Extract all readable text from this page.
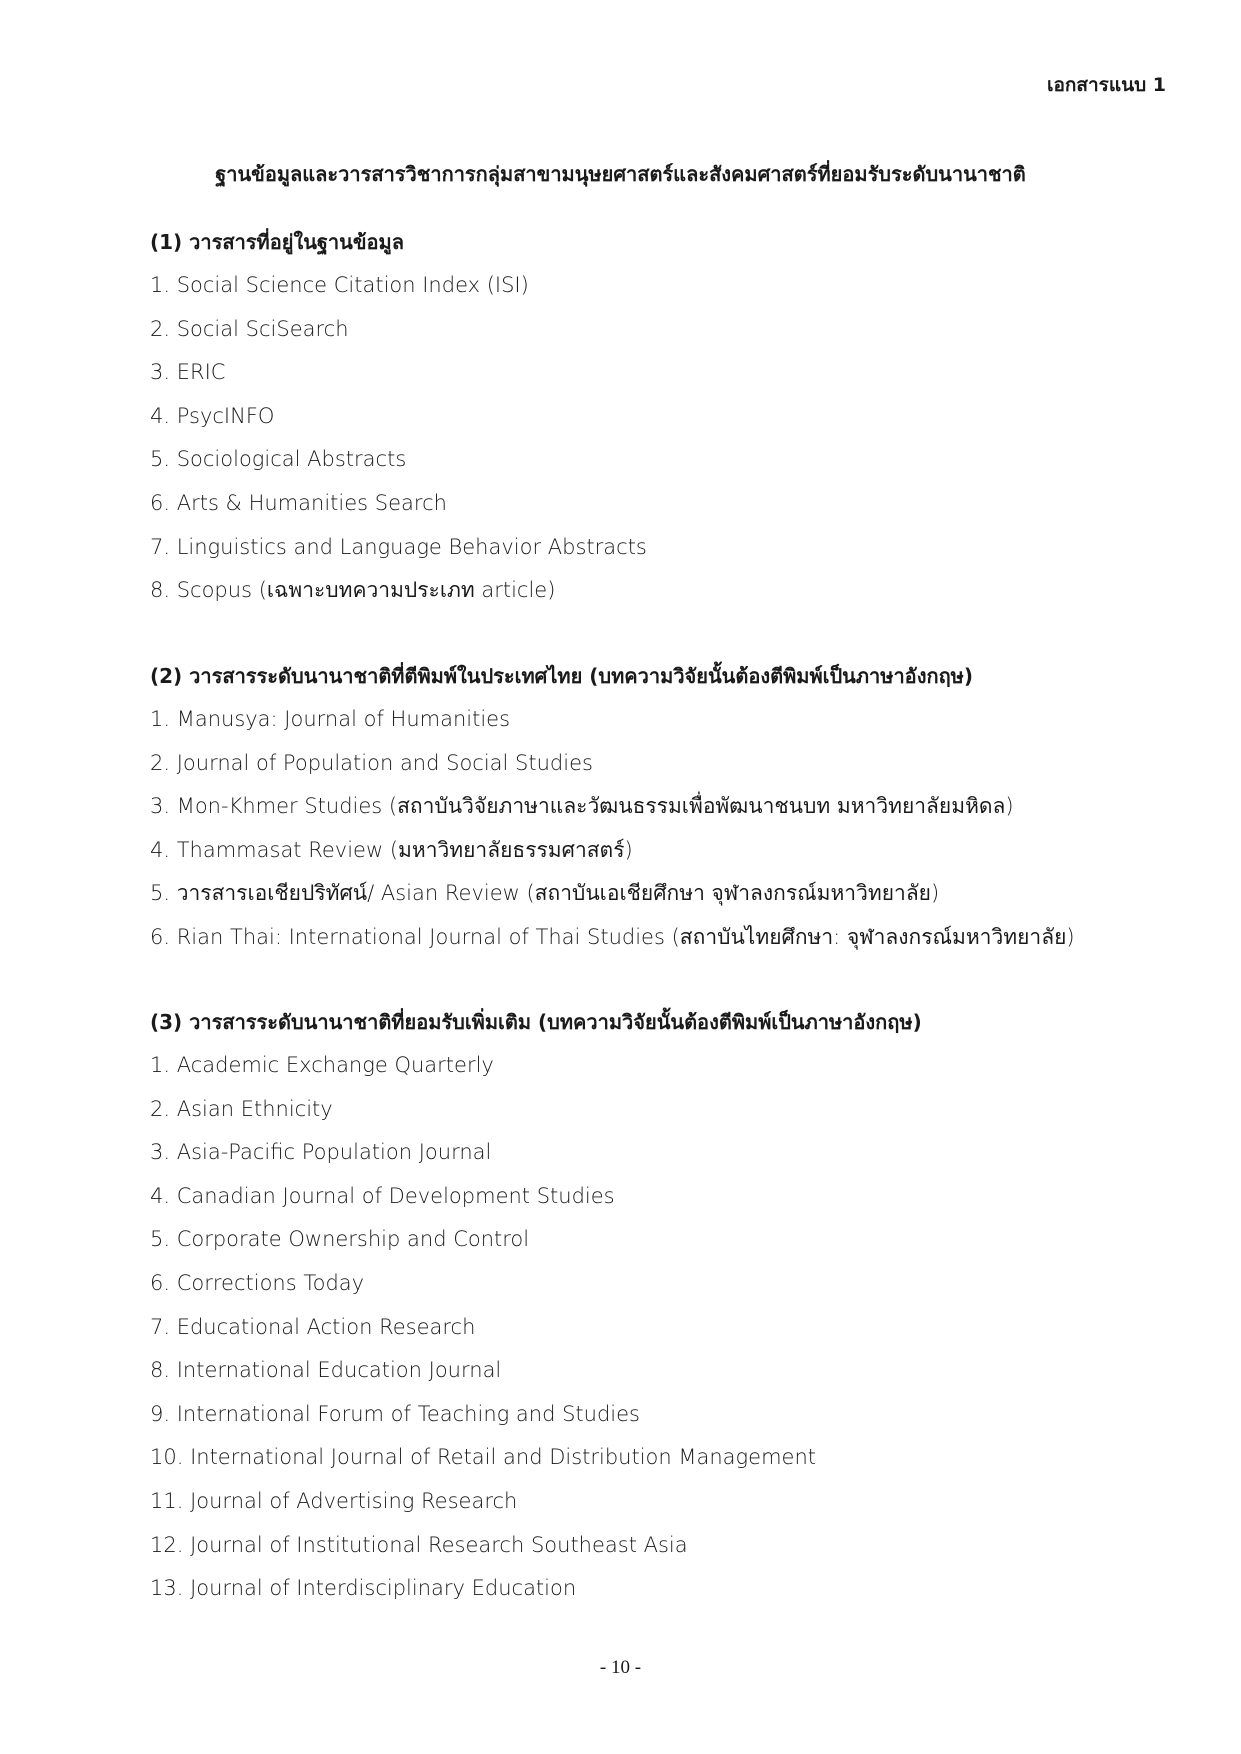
เอกสารแนบ 1
ฐานข้อมูลและวารสารวิชาการกลุ่มสาขามนุษยศาสตร์และสังคมศาสตร์ที่ยอมรับระดับนานาชาติ
(1) วารสารที่อยู่ในฐานข้อมูล
1. Social Science Citation Index (ISI)
2. Social SciSearch
3. ERIC
4. PsycINFO
5. Sociological Abstracts
6. Arts & Humanities Search
7. Linguistics and Language Behavior Abstracts
8. Scopus (เฉพาะบทความประเภท article)
(2) วารสารระดับนานาชาติที่ตีพิมพ์ในประเทศไทย (บทความวิจัยนั้นต้องตีพิมพ์เป็นภาษาอังกฤษ)
1. Manusya: Journal of Humanities
2. Journal of Population and Social Studies
3. Mon-Khmer Studies (สถาบันวิจัยภาษาและวัฒนธรรมเพื่อพัฒนาชนบท มหาวิทยาลัยมหิดล)
4. Thammasat Review (มหาวิทยาลัยธรรมศาสตร์)
5. วารสารเอเชียปริทัศน์/ Asian Review (สถาบันเอเชียศึกษา จุฬาลงกรณ์มหาวิทยาลัย)
6. Rian Thai: International Journal of Thai Studies (สถาบันไทยศึกษา: จุฬาลงกรณ์มหาวิทยาลัย)
(3) วารสารระดับนานาชาติที่ยอมรับเพิ่มเติม (บทความวิจัยนั้นต้องตีพิมพ์เป็นภาษาอังกฤษ)
1. Academic Exchange Quarterly
2. Asian Ethnicity
3. Asia-Pacific Population Journal
4. Canadian Journal of Development Studies
5. Corporate Ownership and Control
6. Corrections Today
7. Educational Action Research
8. International Education Journal
9. International Forum of Teaching and Studies
10. International Journal of Retail and Distribution Management
11. Journal of Advertising Research
12. Journal of Institutional Research Southeast Asia
13. Journal of Interdisciplinary Education
- 10 -
